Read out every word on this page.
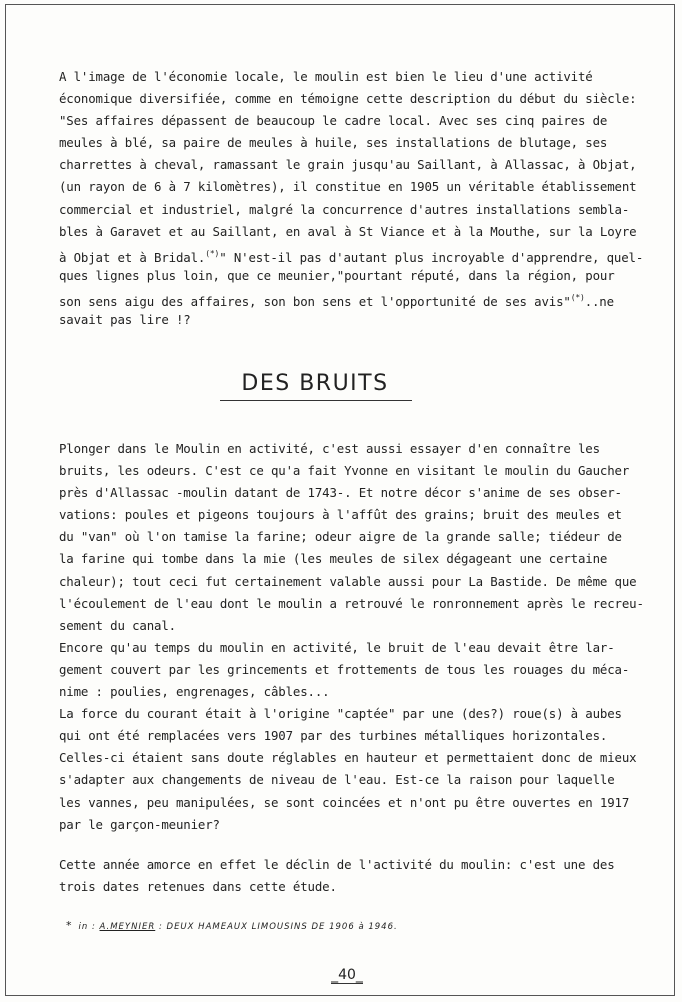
A l'image de l'économie locale, le moulin est bien le lieu d'une activité
économique diversifiée, comme en témoigne cette description du début du siècle:
"Ses affaires dépassent de beaucoup le cadre local. Avec ses cinq paires de
meules à blé, sa paire de meules à huile, ses installations de blutage, ses
charrettes à cheval, ramassant le grain jusqu'au Saillant, à Allassac, à Objat,
(un rayon de 6 à 7 kilomètres), il constitue en 1905 un véritable établissement
commercial et industriel, malgré la concurrence d'autres installations sembla-
bles à Garavet et au Saillant, en aval à St Viance et à la Mouthe, sur la Loyre
à Objat et à Bridal.(*)" N'est-il pas d'autant plus incroyable d'apprendre, quel-
ques lignes plus loin, que ce meunier,"pourtant réputé, dans la région, pour
son sens aigu des affaires, son bon sens et l'opportunité de ses avis"(*)..ne
savait pas lire !?
DES BRUITS
Plonger dans le Moulin en activité, c'est aussi essayer d'en connaître les
bruits, les odeurs. C'est ce qu'a fait Yvonne en visitant le moulin du Gaucher
près d'Allassac -moulin datant de 1743-. Et notre décor s'anime de ses obser-
vations: poules et pigeons toujours à l'affût des grains; bruit des meules et
du "van" où l'on tamise la farine; odeur aigre de la grande salle; tiédeur de
la farine qui tombe dans la mie (les meules de silex dégageant une certaine
chaleur); tout ceci fut certainement valable aussi pour La Bastide. De même que
l'écoulement de l'eau dont le moulin a retrouvé le ronronnement après le recreu-
sement du canal.
Encore qu'au temps du moulin en activité, le bruit de l'eau devait être lar-
gement couvert par les grincements et frottements de tous les rouages du méca-
nime : poulies, engrenages, câbles...
La force du courant était à l'origine "captée" par une (des?) roue(s) à aubes
qui ont été remplacées vers 1907 par des turbines métalliques horizontales.
Celles-ci étaient sans doute réglables en hauteur et permettaient donc de mieux
s'adapter aux changements de niveau de l'eau. Est-ce la raison pour laquelle
les vannes, peu manipulées, se sont coincées et n'ont pu être ouvertes en 1917
par le garçon-meunier?
Cette année amorce en effet le déclin de l'activité du moulin: c'est une des
trois dates retenues dans cette étude.
* in : A.MEYNIER : DEUX HAMEAUX LIMOUSINS DE 1906 à 1946.
_40_
